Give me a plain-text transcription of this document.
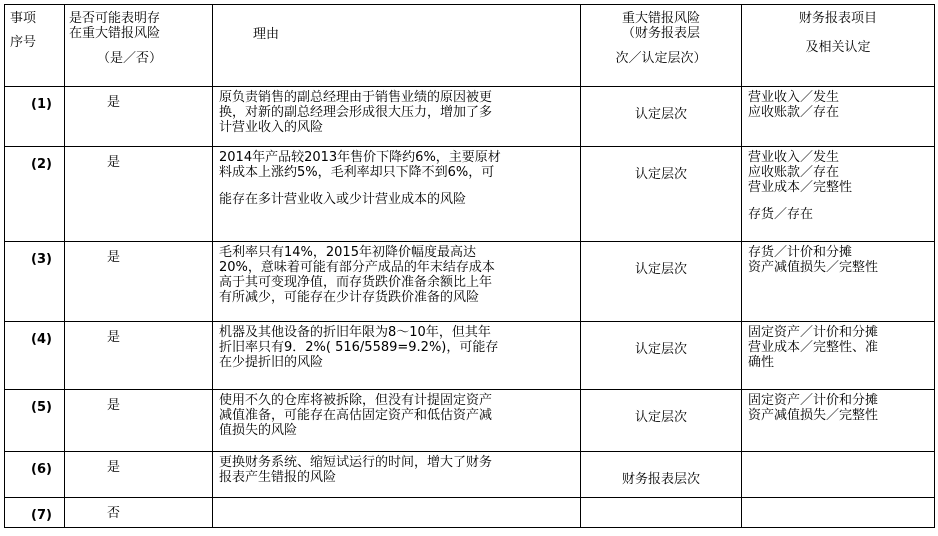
事项
序号	是否可能表明存
在重大错报风险
（是／否）	理由	重大错报风险
（财务报表层
次／认定层次）	财务报表项目
及相关认定

(1)	是	原负责销售的副总经理由于销售业绩的原因被更
换，对新的副总经理会形成很大压力，增加了多
计营业收入的风险	认定层次	营业收入／发生
应收账款／存在

(2)	是	2014年产品较2013年售价下降约6%，主要原材
料成本上涨约5%，毛利率却只下降不到6%，可
能存在多计营业收入或少计营业成本的风险	认定层次	营业收入／发生
应收账款／存在
营业成本／完整性
存货／存在

(3)	是	毛利率只有14%，2015年初降价幅度最高达
20%，意味着可能有部分产成品的年末结存成本
高于其可变现净值，而存货跌价准备余额比上年
有所减少，可能存在少计存货跌价准备的风险	认定层次	存货／计价和分摊
资产减值损失／完整性

(4)	是	机器及其他设备的折旧年限为8～10年，但其年
折旧率只有9．2%( 516/5589=9.2%)，可能存
在少提折旧的风险	认定层次	固定资产／计价和分摊
营业成本／完整性、准
确性

(5)	是	使用不久的仓库将被拆除，但没有计提固定资产
减值准备，可能存在高估固定资产和低估资产减
值损失的风险	认定层次	固定资产／计价和分摊
资产减值损失／完整性

(6)	是	更换财务系统、缩短试运行的时间，增大了财务
报表产生错报的风险	财务报表层次	
(7)	否			
